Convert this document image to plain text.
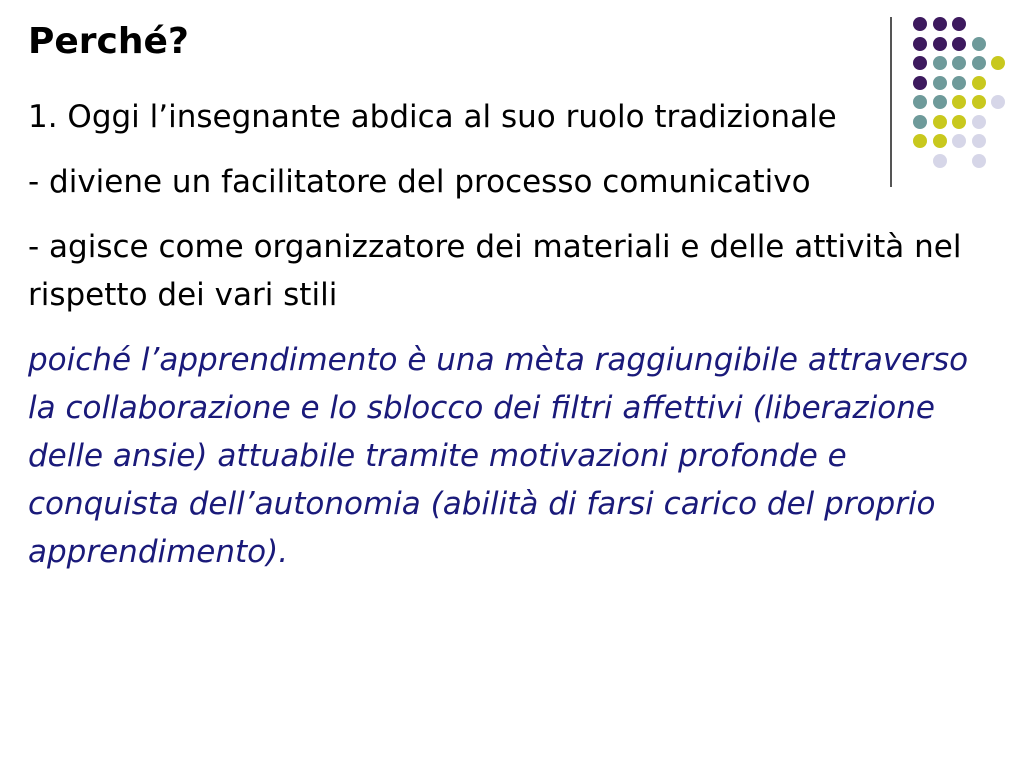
Perché?

1. Oggi l’insegnante abdica al suo ruolo tradizionale

- diviene un facilitatore del processo comunicativo

- agisce come organizzatore dei materiali e delle attività nel rispetto dei vari stili

poiché l’apprendimento è una mèta raggiungibile attraverso la collaborazione e lo sblocco dei filtri affettivi (liberazione delle ansie) attuabile tramite motivazioni profonde e conquista dell’autonomia (abilità di farsi carico del proprio apprendimento).
